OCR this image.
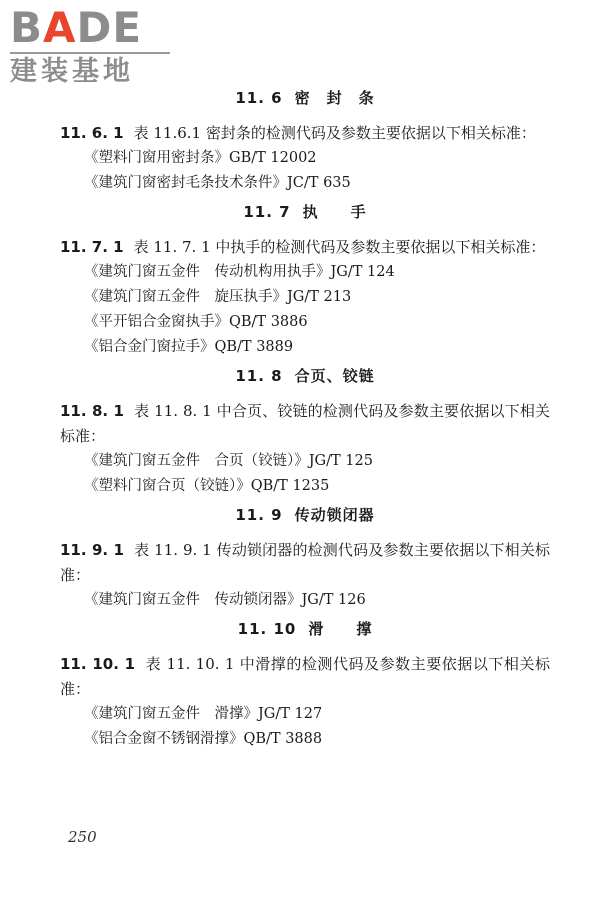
BADE
建装基地
11. 6 密　封　条

11. 6. 1 表 11.6.1 密封条的检测代码及参数主要依据以下相关标准：

《塑料门窗用密封条》GB/T 12002

《建筑门窗密封毛条技术条件》JC/T 635

11. 7 执　　手

11. 7. 1 表 11. 7. 1 中执手的检测代码及参数主要依据以下相关标准：

《建筑门窗五金件　传动机构用执手》JG/T 124

《建筑门窗五金件　旋压执手》JG/T 213

《平开铝合金窗执手》QB/T 3886

《铝合金门窗拉手》QB/T 3889

11. 8 合页、铰链

11. 8. 1 表 11. 8. 1 中合页、铰链的检测代码及参数主要依据以下相关标准：

《建筑门窗五金件　合页（铰链）》JG/T 125

《塑料门窗合页（铰链）》QB/T 1235

11. 9 传动锁闭器

11. 9. 1 表 11. 9. 1 传动锁闭器的检测代码及参数主要依据以下相关标准：

《建筑门窗五金件　传动锁闭器》JG/T 126

11. 10 滑　　撑

11. 10. 1 表 11. 10. 1 中滑撑的检测代码及参数主要依据以下相关标准：

《建筑门窗五金件　滑撑》JG/T 127

《铝合金窗不锈钢滑撑》QB/T 3888

250
